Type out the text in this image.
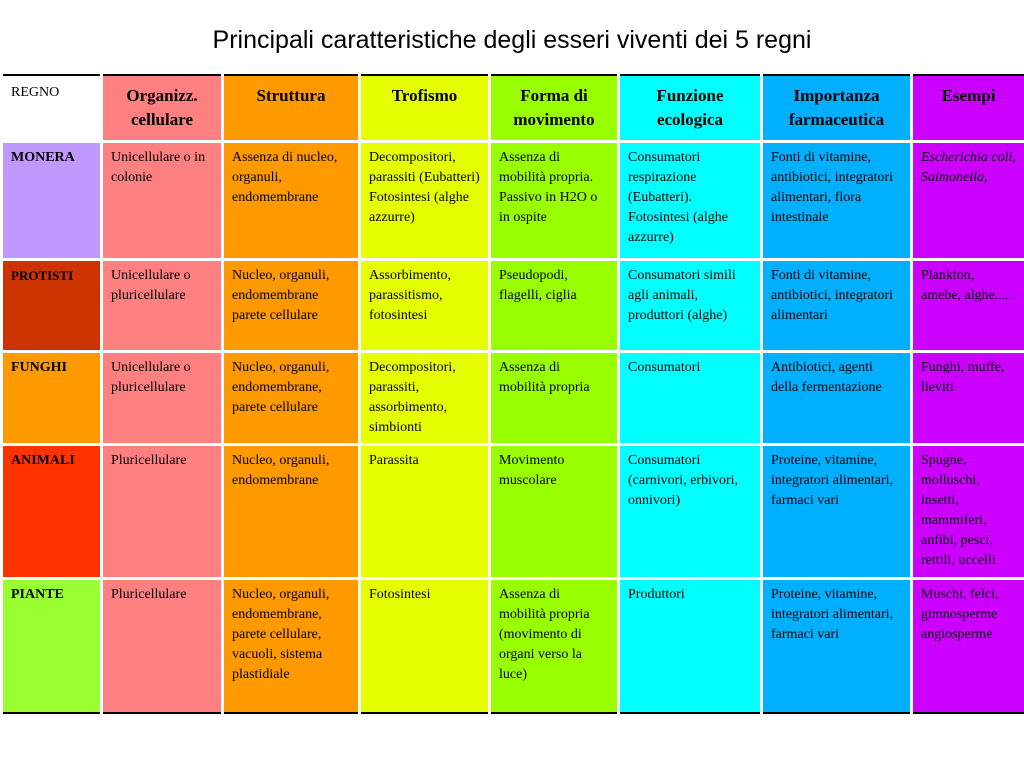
Principali caratteristiche degli esseri viventi dei 5 regni
REGNO	Organizz. cellulare	Struttura	Trofismo	Forma di movimento	Funzione ecologica	Importanza farmaceutica	Esempi

MONERA	Unicellulare o in colonie	Assenza di nucleo, organuli, endomembrane	Decompositori, parassiti (Eubatteri) Fotosintesi (alghe azzurre)	Assenza di mobilità propria. Passivo in H2O o in ospite	Consumatori respirazione (Eubatteri). Fotosintesi (alghe azzurre)	Fonti di vitamine, antibiotici, integratori alimentari, flora intestinale	Escherichia coli, Salmonella,

PROTISTI	Unicellulare o pluricellulare	Nucleo, organuli, endomembrane parete cellulare	Assorbimento, parassitismo, fotosintesi	Pseudopodi, flagelli, ciglia	Consumatori simili agli animali, produttori (alghe)	Fonti di vitamine, antibiotici, integratori alimentari	Plankton, amebe, alghe.....

FUNGHI	Unicellulare o pluricellulare	Nucleo, organuli, endomembrane, parete cellulare	Decompositori, parassiti, assorbimento, simbionti	Assenza di mobilità propria	Consumatori	Antibiotici, agenti della fermentazione	Funghi, muffe, lieviti

ANIMALI	Pluricellulare	Nucleo, organuli, endomembrane	Parassita	Movimento muscolare	Consumatori (carnivori, erbivori, onnivori)	Proteine, vitamine, integratori alimentari, farmaci vari	Spugne, molluschi, insetti, mammiferi, anfibi, pesci, rettili, uccelli

PIANTE	Pluricellulare	Nucleo, organuli, endomembrane, parete cellulare, vacuoli, sistema plastidiale	Fotosintesi	Assenza di mobilità propria (movimento di organi verso la luce)	Produttori	Proteine, vitamine, integratori alimentari, farmaci vari	Muschi, felci, gimnosperme angiosperme
